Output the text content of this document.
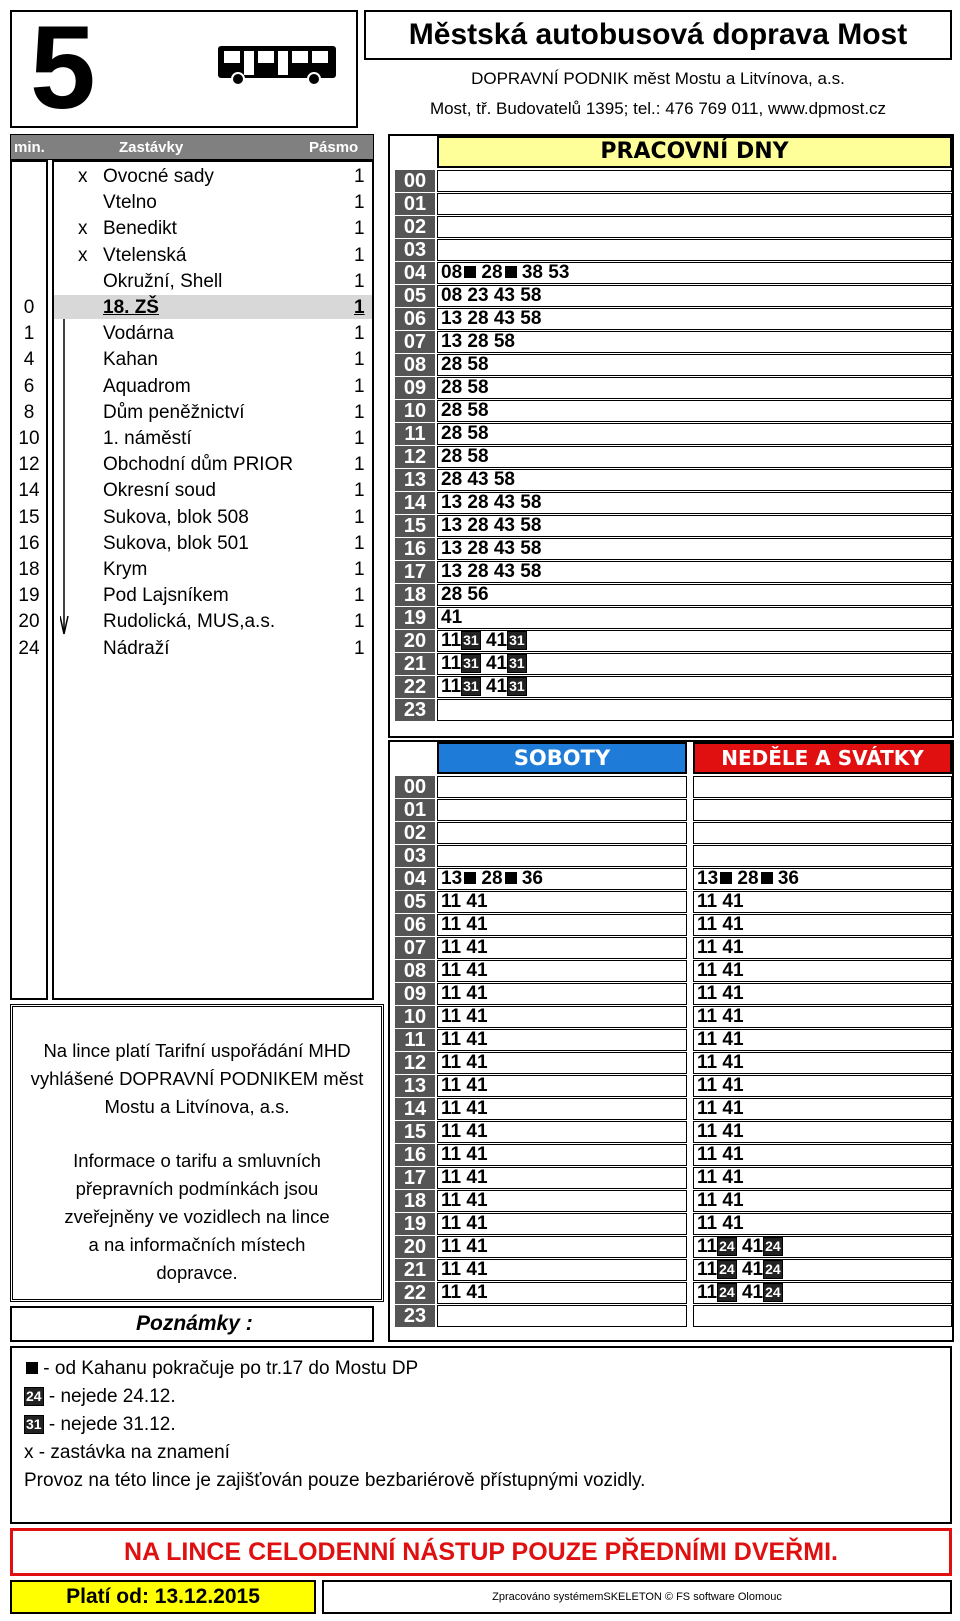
5	Městská autobusová doprava Most
DOPRAVNÍ PODNIK měst Mostu a Litvínova, a.s.
Most, tř. Budovatelů 1395; tel.: 476 769 011, www.dpmost.cz
min.	Zastávky	Pásmo
Na lince platí Tarifní uspořádání MHD
vyhlášené DOPRAVNÍ PODNIKEM měst
Mostu a Litvínova, a.s.
Informace o tarifu a smluvních
přepravních podmínkách jsou
zveřejněny ve vozidlech na lince
a na informačních místech
dopravce.
Poznámky :
PRACOVNÍ DNY
SOBOTY	NEDĚLE A SVÁTKY
- od Kahanu pokračuje po tr.17 do Mostu DP
24 - nejede 24.12.
31 - nejede 31.12.
x - zastávka na znamení
Provoz na této lince je zajišťován pouze bezbariérově přístupnými vozidly.
NA LINCE CELODENNÍ NÁSTUP POUZE PŘEDNÍMI DVEŘMI.
Platí od: 13.12.2015	Zpracováno systémemSKELETON © FS software Olomouc
x Ovocné sady	1
Vtelno	1
x Benedikt	1
x Vtelenská	1
Okružní, Shell	1
0	18. ZŠ	1
1	Vodárna	1
4	Kahan	1
6	Aquadrom	1
8	Dům peněžnictví	1
10	1. náměstí	1
12	Obchodní dům PRIOR	1
14	Okresní soud	1
15	Sukova, blok 508	1
16	Sukova, blok 501	1
18	Krym	1
19	Pod Lajsníkem	1
20	Rudolická, MUS,a.s.	1
24	Nádraží	1
00
01
02
03
04 08 28 38 53
05 08 23 43 58
06 13 28 43 58
07 13 28 58
08 28 58
09 28 58
10 28 58
11 28 58
12 28 58
13 28 43 58
14 13 28 43 58
15 13 28 43 58
16 13 28 43 58
17 13 28 43 58
18 28 56
19 41
20 11 31 41 31
21 11 31 41 31
22 11 31 41 31
23
00
01
02
03
04 13 28 36	13 28 36
05 11 41	11 41
06 11 41	11 41
07 11 41	11 41
08 11 41	11 41
09 11 41	11 41
10 11 41	11 41
11 11 41	11 41
12 11 41	11 41
13 11 41	11 41
14 11 41	11 41
15 11 41	11 41
16 11 41	11 41
17 11 41	11 41
18 11 41	11 41
19 11 41	11 41
20 11 41	11 24 41 24
21 11 41	11 24 41 24
22 11 41	11 24 41 24
23
